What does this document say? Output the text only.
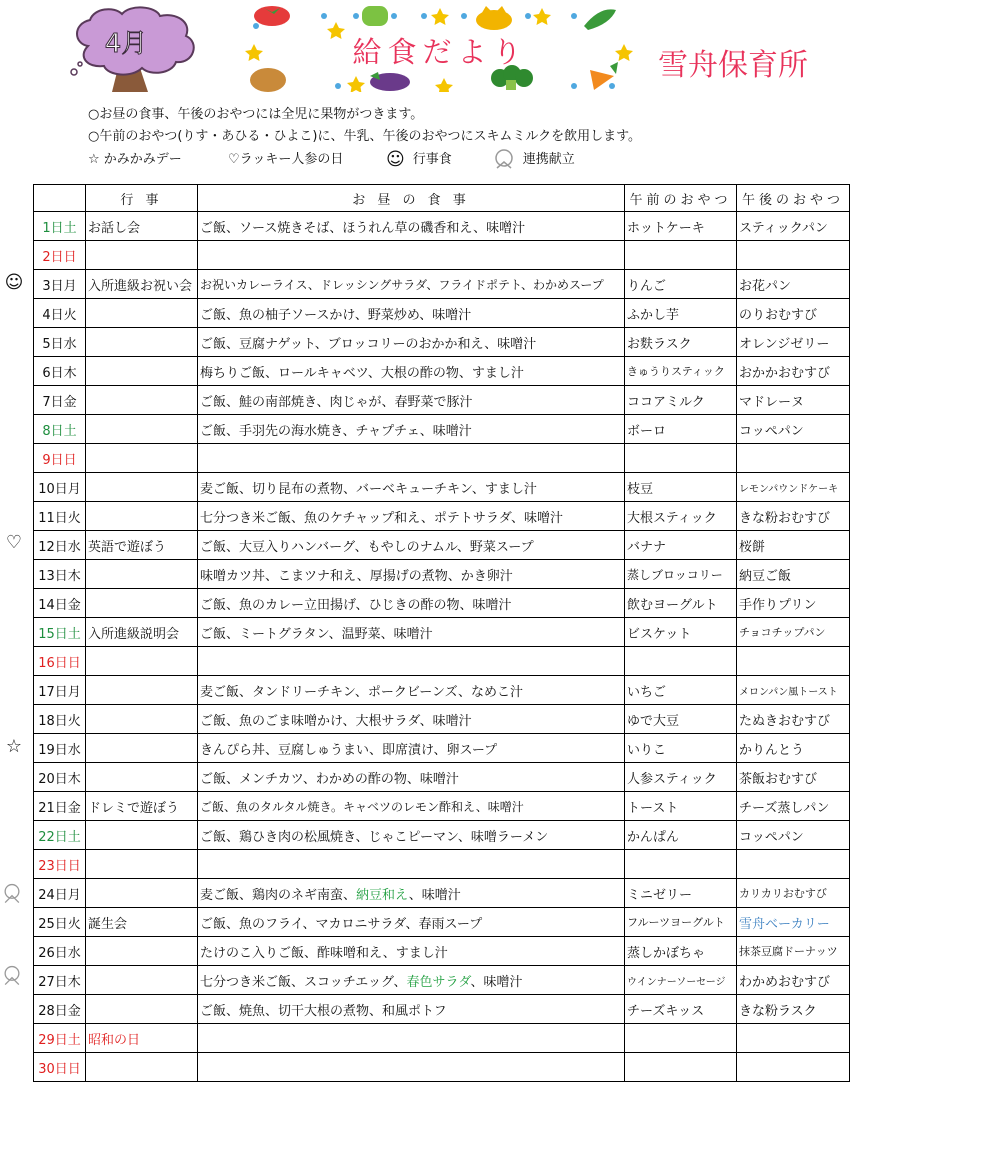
4月	給食だより	雪舟保育所
○お昼の食事、午後のおやつには全児に果物がつきます。
○午前のおやつ(りす・あひる・ひよこ)に、牛乳、午後のおやつにスキムミルクを飲用します。
☆ かみかみデー	♡ラッキー人参の日	☺ 行事食	連携献立
☺
♡
☆
	行 事	お 昼 の 食 事	午前のおやつ	午後のおやつ
1日土	お話し会	ご飯、ソース焼きそば、ほうれん草の磯香和え、味噌汁	ホットケーキ	スティックパン
2日日				
3日月	入所進級お祝い会	お祝いカレーライス、ドレッシングサラダ、フライドポテト、わかめスープ	りんご	お花パン
4日火		ご飯、魚の柚子ソースかけ、野菜炒め、味噌汁	ふかし芋	のりおむすび
5日水		ご飯、豆腐ナゲット、ブロッコリーのおかか和え、味噌汁	お麩ラスク	オレンジゼリー
6日木		梅ちりご飯、ロールキャベツ、大根の酢の物、すまし汁	きゅうりスティック	おかかおむすび
7日金		ご飯、鮭の南部焼き、肉じゃが、春野菜で豚汁	ココアミルク	マドレーヌ
8日土		ご飯、手羽先の海水焼き、チャプチェ、味噌汁	ボーロ	コッペパン
9日日				
10日月		麦ご飯、切り昆布の煮物、バーベキューチキン、すまし汁	枝豆	レモンパウンドケーキ
11日火		七分つき米ご飯、魚のケチャップ和え、ポテトサラダ、味噌汁	大根スティック	きな粉おむすび
12日水	英語で遊ぼう	ご飯、大豆入りハンバーグ、もやしのナムル、野菜スープ	バナナ	桜餅
13日木		味噌カツ丼、こまツナ和え、厚揚げの煮物、かき卵汁	蒸しブロッコリー	納豆ご飯
14日金		ご飯、魚のカレー立田揚げ、ひじきの酢の物、味噌汁	飲むヨーグルト	手作りプリン
15日土	入所進級説明会	ご飯、ミートグラタン、温野菜、味噌汁	ビスケット	チョコチップパン
16日日				
17日月		麦ご飯、タンドリーチキン、ポークビーンズ、なめこ汁	いちご	メロンパン風トースト
18日火		ご飯、魚のごま味噌かけ、大根サラダ、味噌汁	ゆで大豆	たぬきおむすび
19日水		きんぴら丼、豆腐しゅうまい、即席漬け、卵スープ	いりこ	かりんとう
20日木		ご飯、メンチカツ、わかめの酢の物、味噌汁	人参スティック	茶飯おむすび
21日金	ドレミで遊ぼう	ご飯、魚のタルタル焼き。キャベツのレモン酢和え、味噌汁	トースト	チーズ蒸しパン
22日土		ご飯、鶏ひき肉の松風焼き、じゃこピーマン、味噌ラーメン	かんぱん	コッペパン
23日日				
24日月		麦ご飯、鶏肉のネギ南蛮、納豆和え、味噌汁	ミニゼリー	カリカリおむすび
25日火	誕生会	ご飯、魚のフライ、マカロニサラダ、春雨スープ	フルーツヨーグルト	雪舟ベーカリー
26日水		たけのこ入りご飯、酢味噌和え、すまし汁	蒸しかぼちゃ	抹茶豆腐ドーナッツ
27日木		七分つき米ご飯、スコッチエッグ、春色サラダ、味噌汁	ウインナーソーセージ	わかめおむすび
28日金		ご飯、焼魚、切干大根の煮物、和風ポトフ	チーズキッス	きな粉ラスク
29日土	昭和の日			
30日日				
